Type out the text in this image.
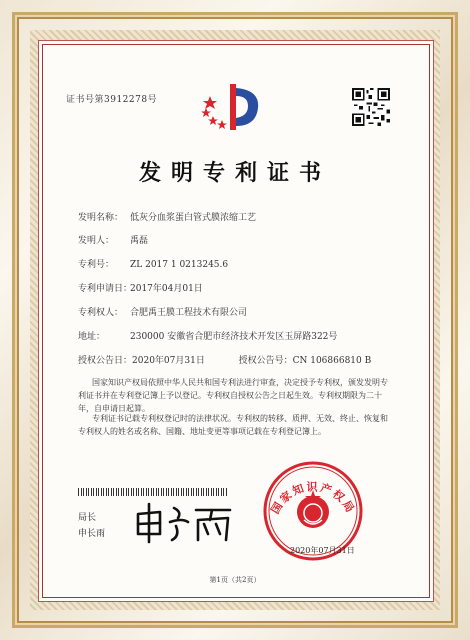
证书号第3912278号
发明专利证书
发明名称： 低灰分血浆蛋白管式膜浓缩工艺
发明人： 禹磊
专利号： ZL 2017 1 0213245.6
专利申请日：2017年04月01日
专利权人： 合肥禹王膜工程技术有限公司
地址：	230000 安徽省合肥市经济技术开发区玉屏路322号
授权公告日：2020年07月31日	授权公告号：CN 106866810 B
国家知识产权局依照中华人民共和国专利法进行审查，决定授予专利权，颁发发明专利证书并在专利登记簿上予以登记。专利权自授权公告之日起生效。专利权期限为二十年，自申请日起算。
专利证书记载专利权登记时的法律状况。专利权的转移、质押、无效、终止、恢复和专利权人的姓名或名称、国籍、地址变更等事项记载在专利登记簿上。
局长
申长雨
国家知识产权局
2020年07月31日
第1页（共2页）
